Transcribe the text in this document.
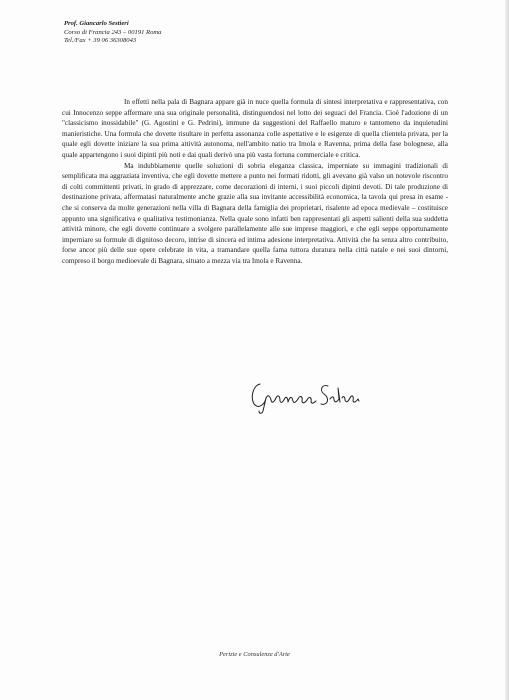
Prof. Giancarlo Sestieri
Corso di Francia 243 – 00191 Roma
Tel./Fax + 39 06 36308043

In effetti nella pala di Bagnara appare già in nuce quella formula di sintesi interpretativa e rappresentativa, con cui Innocenzo seppe affermare una sua originale personalità, distinguendosi nel lotto dei seguaci del Francia. Cioè l'adozione di un "classicismo inossidabile" (G. Agostini e G. Pedrini), immune da suggestioni del Raffaello maturo e tantomeno da inquietudini manieristiche. Una formula che dovette risultare in perfetta assonanza colle aspettative e le esigenze di quella clientela privata, per la quale egli dovette iniziare la sua prima attività autonoma, nell'ambito natio tra Imola e Ravenna, prima della fase bolognese, alla quale appartengono i suoi dipinti più noti e dai quali derivò una più vasta fortuna commerciale e critica.

Ma indubbiamente quelle soluzioni di sobria eleganza classica, imperniate su immagini tradizionali di semplificata ma aggraziata inventiva, che egli dovette mettere a punto nei formati ridotti, gli avevano già valso un notevole riscontro di colti committenti privati, in grado di apprezzare, come decorazioni di interni, i suoi piccoli dipinti devoti. Di tale produzione di destinazione privata, affermatasi naturalmente anche grazie alla sua invitante accessibilità economica, la tavola qui presa in esame - che si conserva da molte generazioni nella villa di Bagnara della famiglia dei proprietari, risalente ad epoca medievale – costituisce appunto una significativa e qualitativa testimonianza. Nella quale sono infatti ben rappresentati gli aspetti salienti della sua suddetta attività minore, che egli dovette continuare a svolgere parallelamente alle sue imprese maggiori, e che egli seppe opportunamente imperniare su formule di dignitoso decoro, intrise di sincera ed intima adesione interpretativa. Attività che ha senza altro contribuito, forse ancor più delle sue opere celebrate in vita, a tramandare quella fama tuttora duratura nella città natale e nei suoi dintorni, compreso il borgo medioevale di Bagnara, situato a mezza via tra Imola e Ravenna.

Perizie e Consulenze d'Arte
